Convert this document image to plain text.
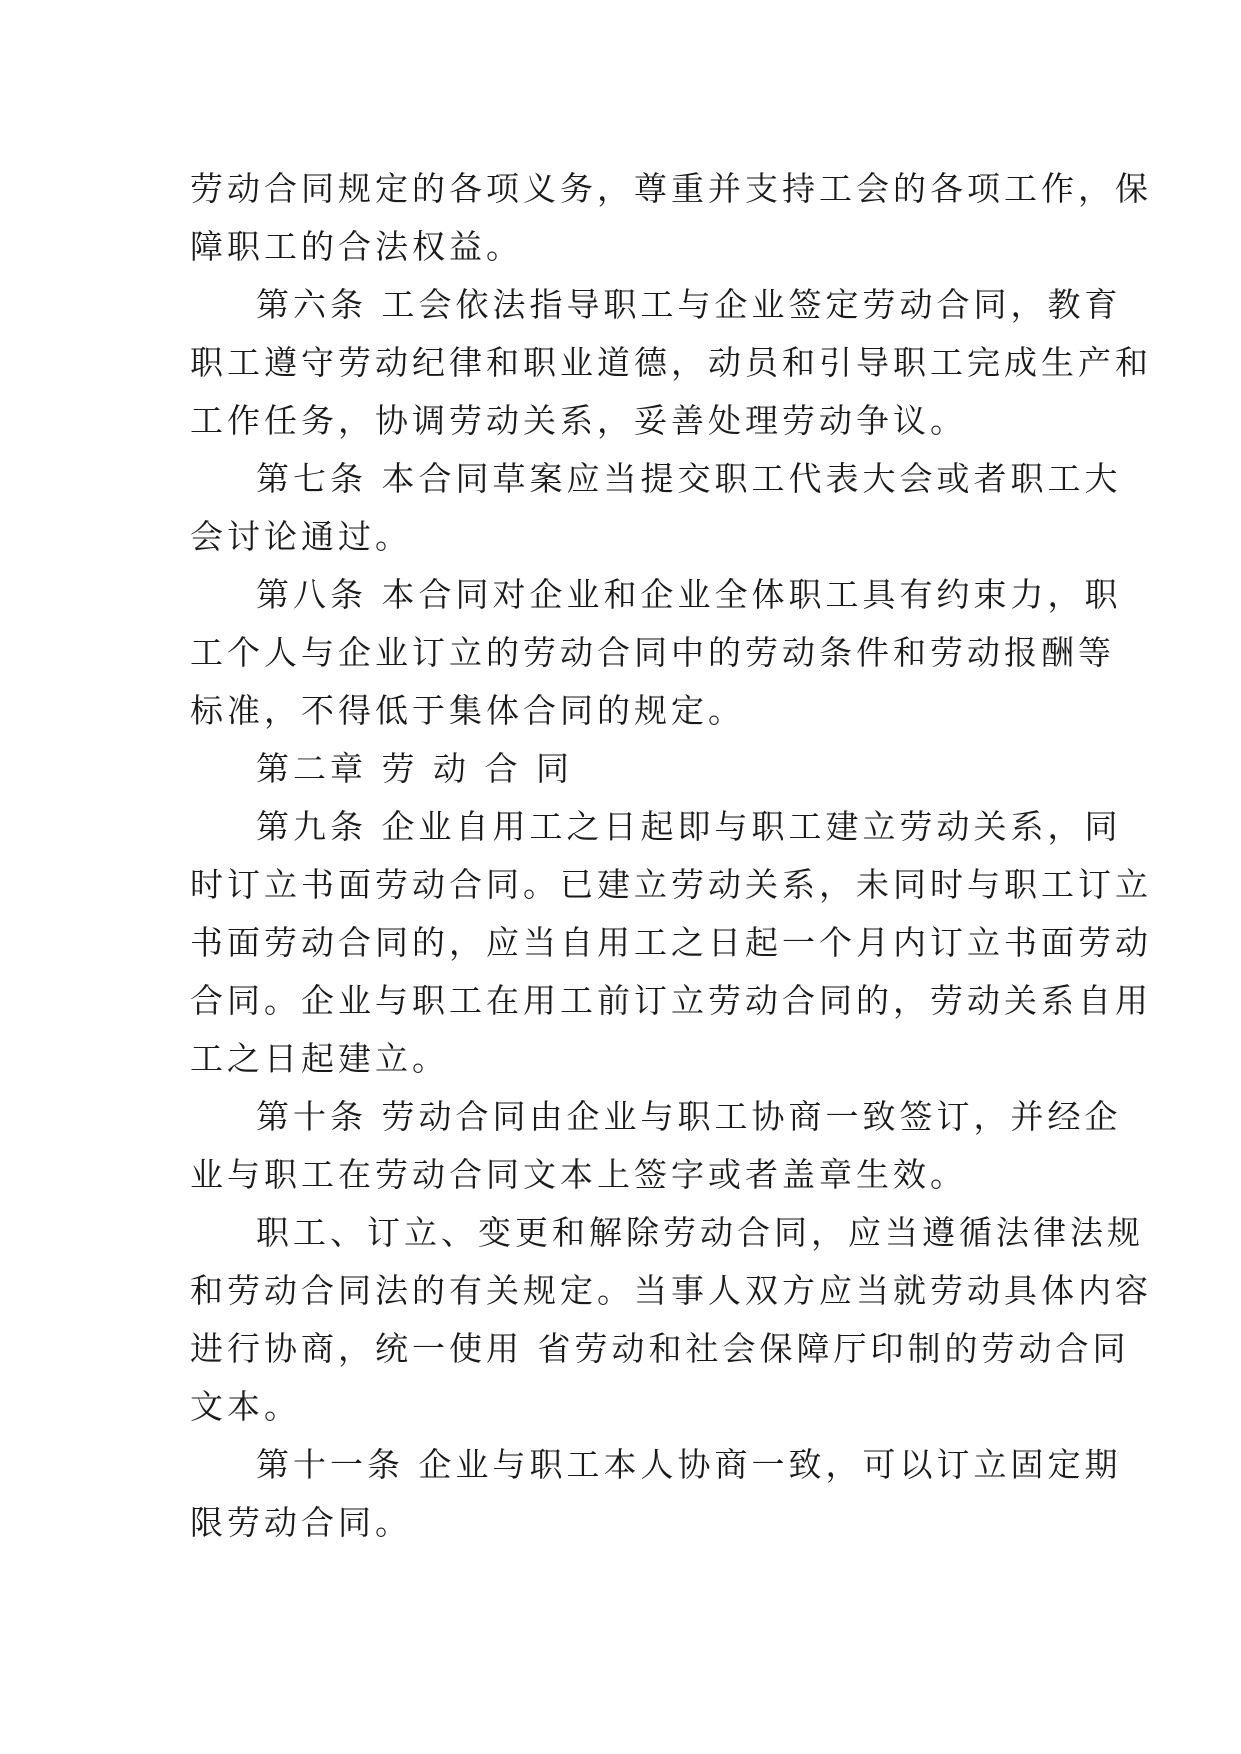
劳动合同规定的各项义务，尊重并支持工会的各项工作，保
障职工的合法权益。
第六条 工会依法指导职工与企业签定劳动合同，教育
职工遵守劳动纪律和职业道德，动员和引导职工完成生产和
工作任务，协调劳动关系，妥善处理劳动争议。
第七条 本合同草案应当提交职工代表大会或者职工大
会讨论通过。
第八条 本合同对企业和企业全体职工具有约束力，职
工个人与企业订立的劳动合同中的劳动条件和劳动报酬等
标准，不得低于集体合同的规定。
第二章 劳 动 合 同
第九条 企业自用工之日起即与职工建立劳动关系，同
时订立书面劳动合同。已建立劳动关系，未同时与职工订立
书面劳动合同的，应当自用工之日起一个月内订立书面劳动
合同。企业与职工在用工前订立劳动合同的，劳动关系自用
工之日起建立。
第十条 劳动合同由企业与职工协商一致签订，并经企
业与职工在劳动合同文本上签字或者盖章生效。
职工、订立、变更和解除劳动合同，应当遵循法律法规
和劳动合同法的有关规定。当事人双方应当就劳动具体内容
进行协商，统一使用 省劳动和社会保障厅印制的劳动合同
文本。
第十一条 企业与职工本人协商一致，可以订立固定期
限劳动合同。
